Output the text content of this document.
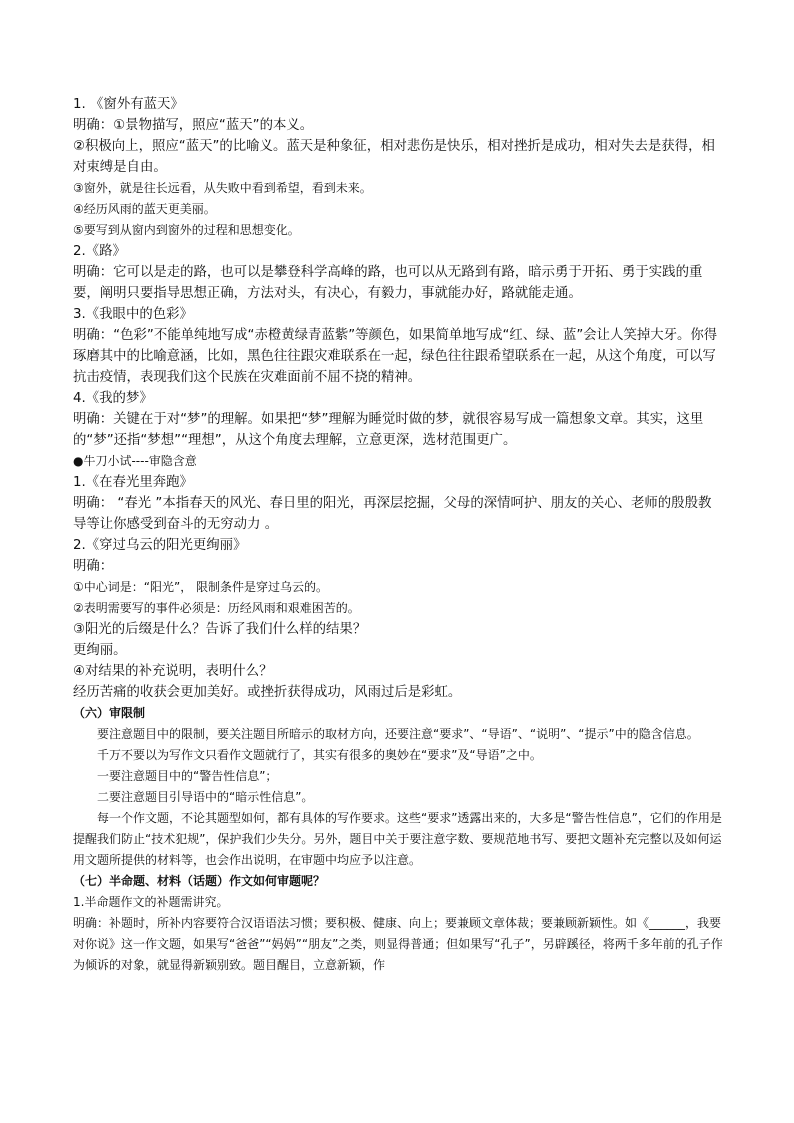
1. 《窗外有蓝天》

明确：①景物描写，照应“蓝天”的本义。

②积极向上，照应“蓝天”的比喻义。蓝天是种象征，相对悲伤是快乐，相对挫折是成功，相对失去是获得，相对束缚是自由。

③窗外，就是往长远看，从失败中看到希望，看到未来。

④经历风雨的蓝天更美丽。

⑤要写到从窗内到窗外的过程和思想变化。

2.《路》

明确：它可以是走的路，也可以是攀登科学高峰的路，也可以从无路到有路，暗示勇于开拓、勇于实践的重要，阐明只要指导思想正确，方法对头，有决心，有毅力，事就能办好，路就能走通。

3.《我眼中的色彩》

明确：“色彩”不能单纯地写成“赤橙黄绿青蓝紫”等颜色，如果简单地写成“红、绿、蓝”会让人笑掉大牙。你得琢磨其中的比喻意涵，比如，黑色往往跟灾难联系在一起，绿色往往跟希望联系在一起，从这个角度，可以写抗击疫情，表现我们这个民族在灾难面前不屈不挠的精神。

4.《我的梦》

明确：关键在于对“梦”的理解。如果把“梦”理解为睡觉时做的梦，就很容易写成一篇想象文章。其实，这里的“梦”还指“梦想”“理想”，从这个角度去理解，立意更深，选材范围更广。

●牛刀小试----审隐含意

1.《在春光里奔跑》

明确： “春光 ”本指春天的风光、春日里的阳光，再深层挖掘，父母的深情呵护、朋友的关心、老师的殷殷教导等让你感受到奋斗的无穷动力 。

2.《穿过乌云的阳光更绚丽》

明确：

①中心词是：“阳光”， 限制条件是穿过乌云的。

②表明需要写的事件必须是：历经风雨和艰难困苦的。

③阳光的后缀是什么？告诉了我们什么样的结果？

更绚丽。

④对结果的补充说明，表明什么？

经历苦痛的收获会更加美好。或挫折获得成功，风雨过后是彩虹。

（六）审限制

要注意题目中的限制，要关注题目所暗示的取材方向，还要注意“要求”、“导语”、“说明”、“提示”中的隐含信息。

千万不要以为写作文只看作文题就行了，其实有很多的奥妙在“要求”及“导语”之中。

一要注意题目中的“警告性信息”；

二要注意题目引导语中的“暗示性信息”。

每一个作文题，不论其题型如何，都有具体的写作要求。这些“要求”透露出来的，大多是“警告性信息”，它们的作用是提醒我们防止“技术犯规”，保护我们少失分。另外，题目中关于要注意字数、要规范地书写、要把文题补充完整以及如何运用文题所提供的材料等，也会作出说明，在审题中均应予以注意。

（七）半命题、材料（话题）作文如何审题呢？

1.半命题作文的补题需讲究。

明确：补题时，所补内容要符合汉语语法习惯；要积极、健康、向上；要兼顾文章体裁；要兼顾新颖性。如《______，我要对你说》这一作文题，如果写“爸爸”“妈妈”“朋友”之类，则显得普通；但如果写“孔子”，另辟蹊径，将两千多年前的孔子作为倾诉的对象，就显得新颖别致。题目醒目，立意新颖，作
